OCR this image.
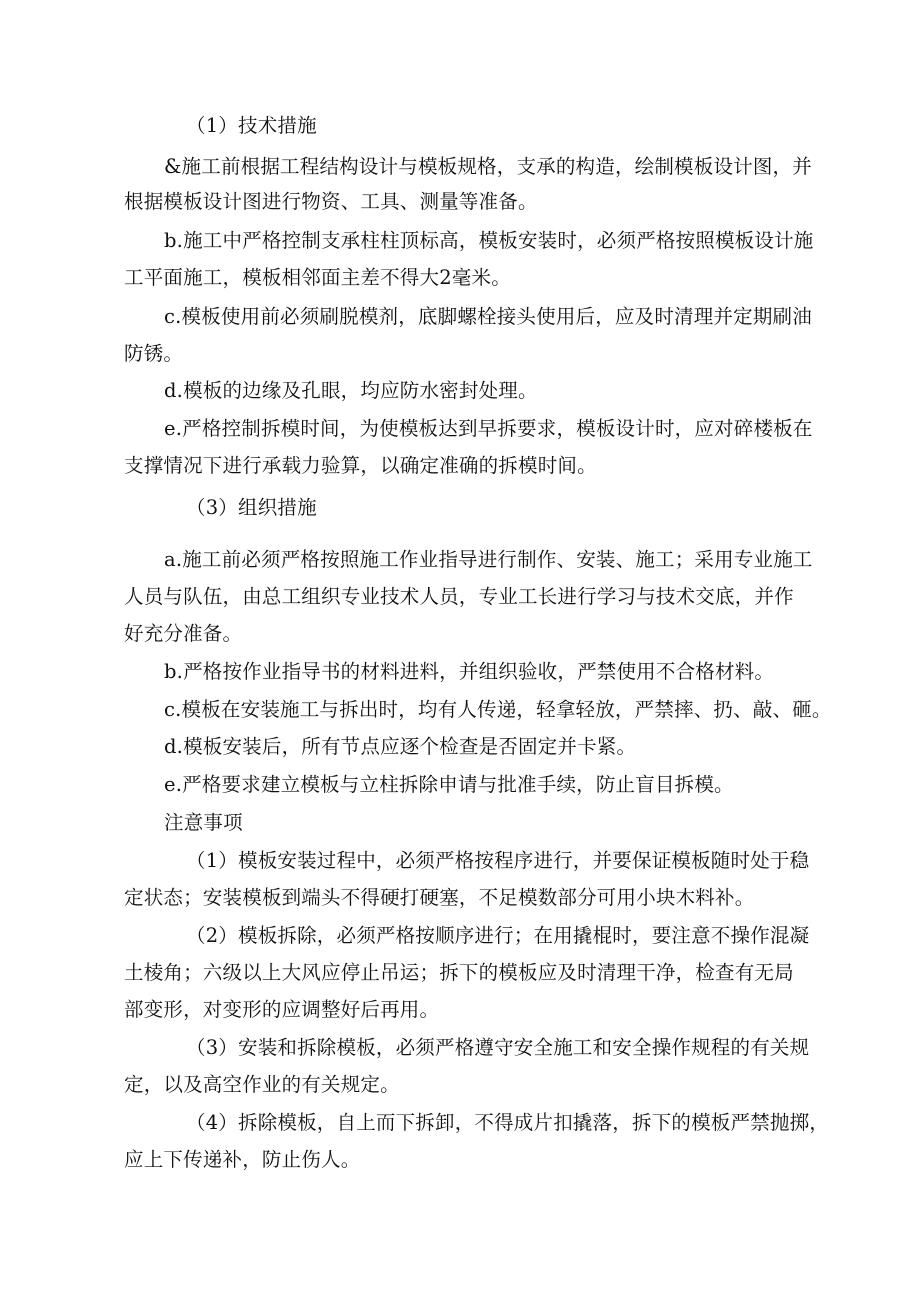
（1）技术措施
&施工前根据工程结构设计与模板规格，支承的构造，绘制模板设计图，并
根据模板设计图进行物资、工具、测量等准备。
b.施工中严格控制支承柱柱顶标高，模板安装时，必须严格按照模板设计施
工平面施工，模板相邻面主差不得大2毫米。
c.模板使用前必须刷脱模剂，底脚螺栓接头使用后，应及时清理并定期刷油
防锈。
d.模板的边缘及孔眼，均应防水密封处理。
e.严格控制拆模时间，为使模板达到早拆要求，模板设计时，应对碎楼板在
支撑情况下进行承载力验算，以确定准确的拆模时间。
（3）组织措施
a.施工前必须严格按照施工作业指导进行制作、安装、施工；采用专业施工
人员与队伍，由总工组织专业技术人员，专业工长进行学习与技术交底，并作
好充分准备。
b.严格按作业指导书的材料进料，并组织验收，严禁使用不合格材料。
c.模板在安装施工与拆出时，均有人传递，轻拿轻放，严禁摔、扔、敲、砸。
d.模板安装后，所有节点应逐个检查是否固定并卡紧。
e.严格要求建立模板与立柱拆除申请与批准手续，防止盲目拆模。
注意事项
（1）模板安装过程中，必须严格按程序进行，并要保证模板随时处于稳
定状态；安装模板到端头不得硬打硬塞，不足模数部分可用小块木料补。
（2）模板拆除，必须严格按顺序进行；在用撬棍时，要注意不操作混凝
土棱角；六级以上大风应停止吊运；拆下的模板应及时清理干净，检查有无局
部变形，对变形的应调整好后再用。
（3）安装和拆除模板，必须严格遵守安全施工和安全操作规程的有关规
定，以及高空作业的有关规定。
（4）拆除模板，自上而下拆卸，不得成片扣撬落，拆下的模板严禁抛掷，
应上下传递补，防止伤人。
